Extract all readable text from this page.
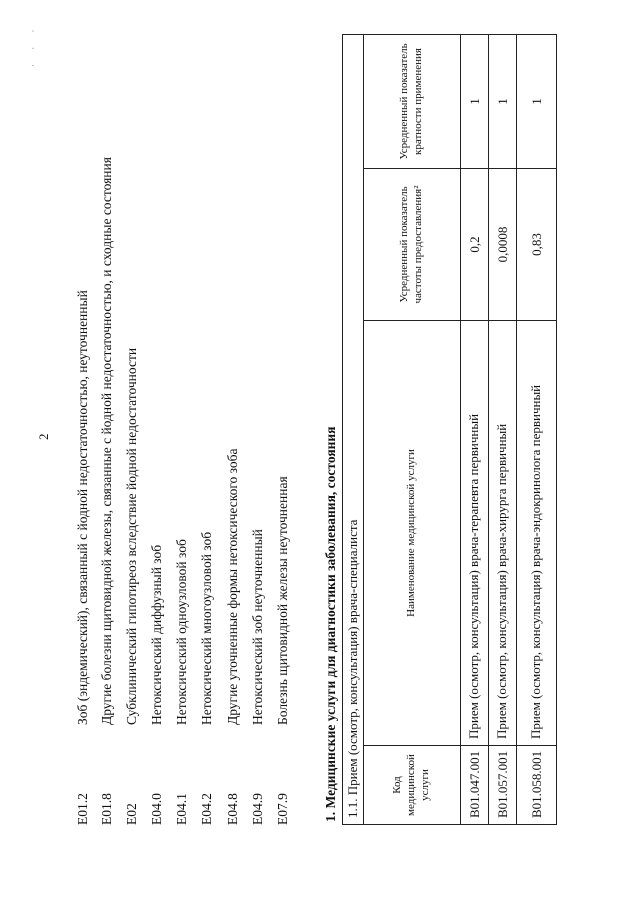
· · ·
2
E01.2
Зоб (эндемический), связанный с йодной недостаточностью, неуточненный
E01.8
Другие болезни щитовидной железы, связанные с йодной недостаточностью, и сходные состояния
E02
Субклинический гипотиреоз вследствие йодной недостаточности
E04.0
Нетоксический диффузный зоб
E04.1
Нетоксический одноузловой зоб
E04.2
Нетоксический многоузловой зоб
E04.8
Другие уточненные формы нетоксического зоба
E04.9
Нетоксический зоб неуточненный
E07.9
Болезнь щитовидной железы неуточненная 1. Медицинские услуги для диагностики заболевания, состояния 1.1. Прием (осмотр, консультация) врача-специалиста			
Код медицинской услуги	Наименование медицинской услуги	Усредненный показатель частоты предоставления²	Усредненный показатель кратности применения
B01.047.001	Прием (осмотр, консультация) врача-терапевта первичный	0,2	1
B01.057.001	Прием (осмотр, консультация) врача-хирурга первичный	0,0008	1
B01.058.001	Прием (осмотр, консультация) врача-эндокринолога первичный	0,83	1
